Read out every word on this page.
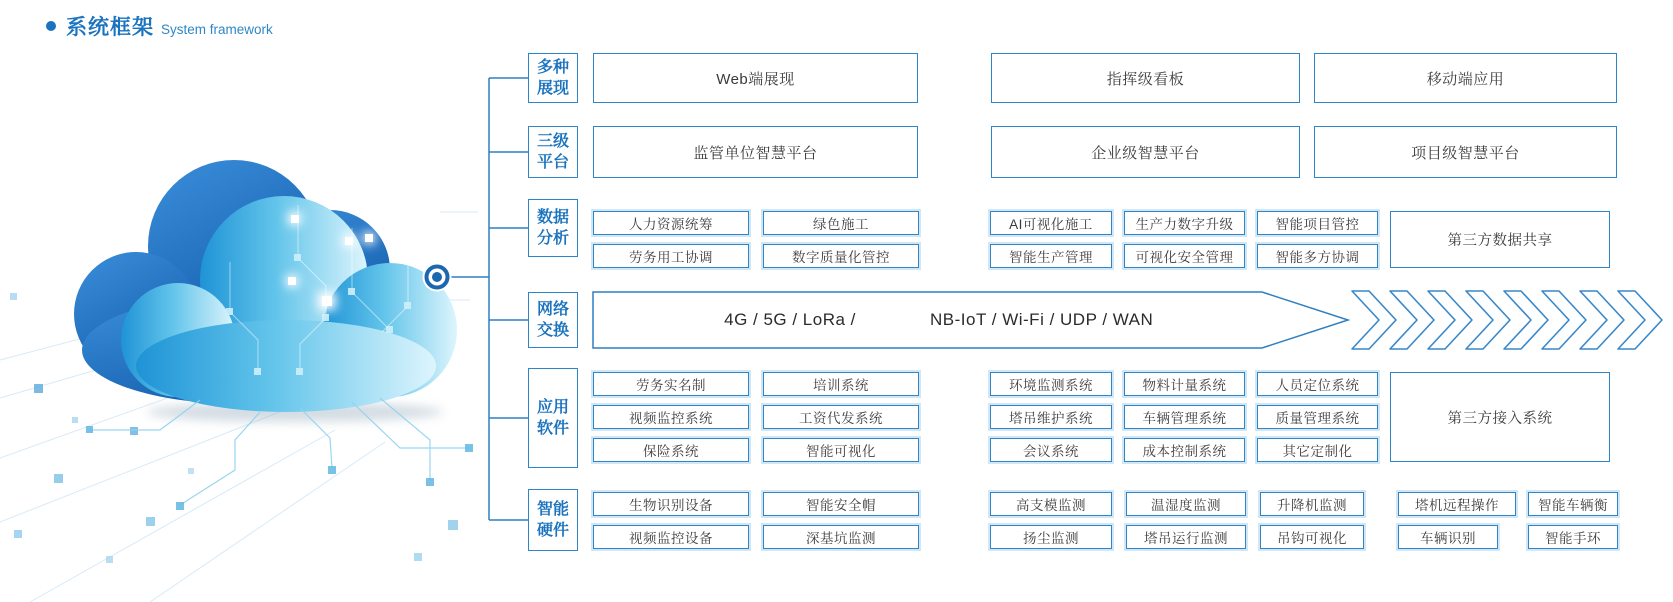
系统框架 System framework
多种展现
三级平台
数据分析
网络交换
应用软件
智能硬件
Web端展现	指挥级看板	移动端应用
监管单位智慧平台	企业级智慧平台	项目级智慧平台
人力资源统筹	绿色施工	AI可视化施工	生产力数字升级	智能项目管控
劳务用工协调	数字质量化管控	智能生产管理	可视化安全管理	智能多方协调
第三方数据共享
4G / 5G / LoRa /	NB-IoT / Wi-Fi / UDP / WAN
劳务实名制	培训系统	环境监测系统	物料计量系统	人员定位系统
视频监控系统	工资代发系统	塔吊维护系统	车辆管理系统	质量管理系统
保险系统	智能可视化	会议系统	成本控制系统	其它定制化
第三方接入系统
生物识别设备	智能安全帽	高支模监测	温湿度监测	升降机监测	塔机远程操作	智能车辆衡
视频监控设备	深基坑监测	扬尘监测	塔吊运行监测	吊钩可视化	车辆识别	智能手环
